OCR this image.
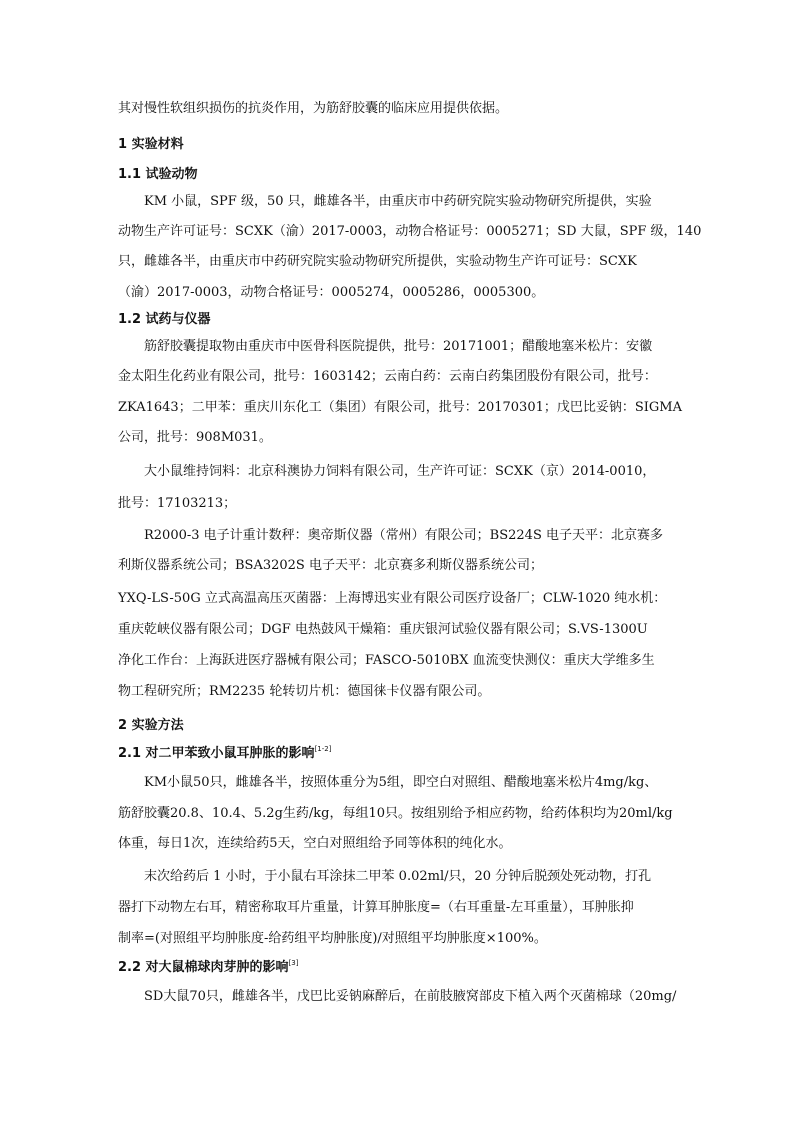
其对慢性软组织损伤的抗炎作用，为筋舒胶囊的临床应用提供依据。
1 实验材料
1.1 试验动物
KM 小鼠，SPF 级，50 只，雌雄各半，由重庆市中药研究院实验动物研究所提供，实验
动物生产许可证号：SCXK（渝）2017-0003，动物合格证号：0005271；SD 大鼠，SPF 级，140
只，雌雄各半，由重庆市中药研究院实验动物研究所提供，实验动物生产许可证号：SCXK
（渝）2017-0003，动物合格证号：0005274，0005286，0005300。
1.2 试药与仪器
筋舒胶囊提取物由重庆市中医骨科医院提供，批号：20171001；醋酸地塞米松片：安徽
金太阳生化药业有限公司，批号：1603142；云南白药：云南白药集团股份有限公司，批号：
ZKA1643；二甲苯：重庆川东化工（集团）有限公司，批号：20170301；戊巴比妥钠：SIGMA
公司，批号：908M031。
大小鼠维持饲料：北京科澳协力饲料有限公司，生产许可证：SCXK（京）2014-0010，
批号：17103213；
R2000-3 电子计重计数秤：奥帝斯仪器（常州）有限公司；BS224S 电子天平：北京赛多
利斯仪器系统公司；BSA3202S 电子天平：北京赛多利斯仪器系统公司；
YXQ-LS-50G 立式高温高压灭菌器：上海博迅实业有限公司医疗设备厂；CLW-1020 纯水机：
重庆乾峡仪器有限公司；DGF 电热鼓风干燥箱：重庆银河试验仪器有限公司；S.VS-1300U
净化工作台：上海跃进医疗器械有限公司；FASCO-5010BX 血流变快测仪：重庆大学维多生
物工程研究所；RM2235 轮转切片机：德国徕卡仪器有限公司。
2 实验方法
2.1 对二甲苯致小鼠耳肿胀的影响[1-2]
KM小鼠50只，雌雄各半，按照体重分为5组，即空白对照组、醋酸地塞米松片4mg/kg、
筋舒胶囊20.8、10.4、5.2g生药/kg，每组10只。按组别给予相应药物，给药体积均为20ml/kg
体重，每日1次，连续给药5天，空白对照组给予同等体积的纯化水。
末次给药后 1 小时，于小鼠右耳涂抹二甲苯 0.02ml/只，20 分钟后脱颈处死动物，打孔
器打下动物左右耳，精密称取耳片重量，计算耳肿胀度=（右耳重量-左耳重量），耳肿胀抑
制率=(对照组平均肿胀度-给药组平均肿胀度)/对照组平均肿胀度×100%。
2.2 对大鼠棉球肉芽肿的影响[3]
SD大鼠70只，雌雄各半，戊巴比妥钠麻醉后，在前肢腋窝部皮下植入两个灭菌棉球（20mg/
